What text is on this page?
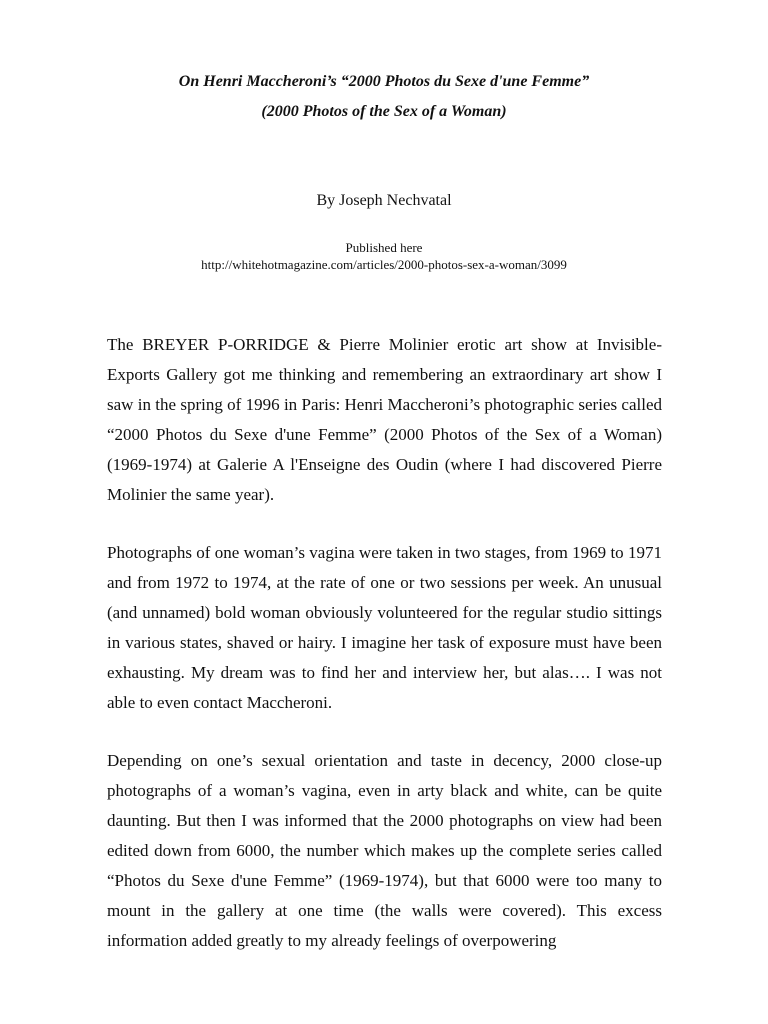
On Henri Maccheroni’s “2000 Photos du Sexe d'une Femme”

(2000 Photos of the Sex of a Woman)

By Joseph Nechvatal

Published here

http://whitehotmagazine.com/articles/2000-photos-sex-a-woman/3099

The BREYER P-ORRIDGE & Pierre Molinier erotic art show at Invisible-Exports Gallery got me thinking and remembering an extraordinary art show I saw in the spring of 1996 in Paris: Henri Maccheroni’s photographic series called “2000 Photos du Sexe d'une Femme” (2000 Photos of the Sex of a Woman) (1969-1974) at Galerie A l'Enseigne des Oudin (where I had discovered Pierre Molinier the same year).

Photographs of one woman’s vagina were taken in two stages, from 1969 to 1971 and from 1972 to 1974, at the rate of one or two sessions per week. An unusual (and unnamed) bold woman obviously volunteered for the regular studio sittings in various states, shaved or hairy. I imagine her task of exposure must have been exhausting. My dream was to find her and interview her, but alas…. I was not able to even contact Maccheroni.

Depending on one’s sexual orientation and taste in decency, 2000 close-up photographs of a woman’s vagina, even in arty black and white, can be quite daunting. But then I was informed that the 2000 photographs on view had been edited down from 6000, the number which makes up the complete series called “Photos du Sexe d'une Femme” (1969-1974), but that 6000 were too many to mount in the gallery at one time (the walls were covered). This excess information added greatly to my already feelings of overpowering
